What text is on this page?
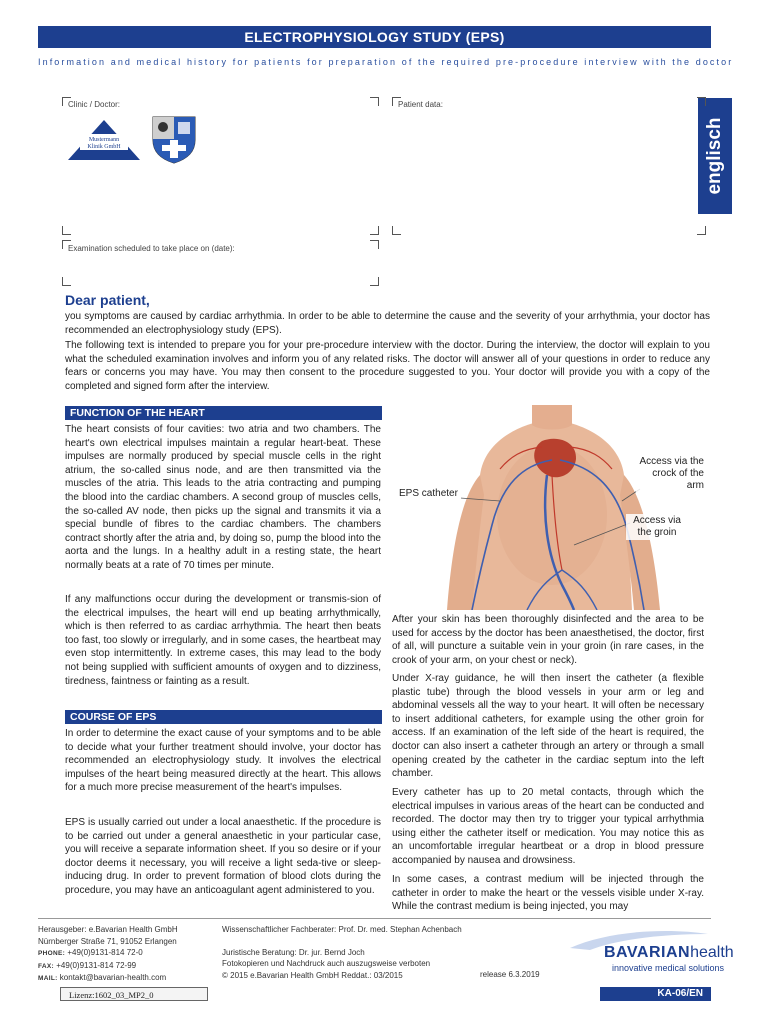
ELECTROPHYSIOLOGY STUDY (EPS)
Information and medical history for patients for preparation of the required pre-procedure interview with the doctor
englisch
Clinic / Doctor:
Mustermann
Klinik GmbH
Patient data:
Examination scheduled to take place on (date):
Dear patient,
you symptoms are caused by cardiac arrhythmia. In order to be able to determine the cause and the severity of your arrhythmia, your doctor has recommended an electrophysiology study (EPS).
The following text is intended to prepare you for your pre-procedure interview with the doctor. During the interview, the doctor will explain to you what the scheduled examination involves and inform you of any related risks. The doctor will answer all of your questions in order to reduce any fears or concerns you may have. You may then consent to the procedure suggested to you. Your doctor will provide you with a copy of the completed and signed form after the interview.
FUNCTION OF THE HEART
The heart consists of four cavities: two atria and two chambers. The heart's own electrical impulses maintain a regular heart-beat. These impulses are normally produced by special muscle cells in the right atrium, the so-called sinus node, and are then transmitted via the muscles of the atria. This leads to the atria contracting and pumping the blood into the cardiac chambers. A second group of muscles cells, the so-called AV node, then picks up the signal and transmits it via a special bundle of fibres to the cardiac chambers. The chambers contract shortly after the atria and, by doing so, pump the blood into the aorta and the lungs. In a healthy adult in a resting state, the heart normally beats at a rate of 70 times per minute.
If any malfunctions occur during the development or transmis-sion of the electrical impulses, the heart will end up beating arrhythmically, which is then referred to as cardiac arrhythmia. The heart then beats too fast, too slowly or irregularly, and in some cases, the heartbeat may even stop intermittently. In extreme cases, this may lead to the body not being supplied with sufficient amounts of oxygen and to dizziness, tiredness, faintness or fainting as a result.
COURSE OF EPS
In order to determine the exact cause of your symptoms and to be able to decide what your further treatment should involve, your doctor has recommended an electrophysiology study. It involves the electrical impulses of the heart being measured directly at the heart. This allows for a much more precise measurement of the heart's impulses.
EPS is usually carried out under a local anaesthetic. If the procedure is to be carried out under a general anaesthetic in your particular case, you will receive a separate information sheet. If you so desire or if your doctor deems it necessary, you will receive a light seda-tive or sleep-inducing drug. In order to prevent formation of blood clots during the procedure, you may have an anticoagulant agent administered to you.
EPS catheter
Access via the crock of the arm
Access via the groin
After your skin has been thoroughly disinfected and the area to be used for access by the doctor has been anaesthetised, the doctor, first of all, will puncture a suitable vein in your groin (in rare cases, in the crook of your arm, on your chest or neck).
Under X-ray guidance, he will then insert the catheter (a flexible plastic tube) through the blood vessels in your arm or leg and abdominal vessels all the way to your heart. It will often be necessary to insert additional catheters, for example using the other groin for access. If an examination of the left side of the heart is required, the doctor can also insert a catheter through an artery or through a small opening created by the catheter in the cardiac septum into the left chamber.
Every catheter has up to 20 metal contacts, through which the electrical impulses in various areas of the heart can be conducted and recorded. The doctor may then try to trigger your typical arrhythmia using either the catheter itself or medication. You may notice this as an uncomfortable irregular heartbeat or a drop in blood pressure accompanied by nausea and drowsiness.
In some cases, a contrast medium will be injected through the catheter in order to make the heart or the vessels visible under X-ray. While the contrast medium is being injected, you may
Herausgeber: e.Bavarian Health GmbH
Nürnberger Straße 71, 91052 Erlangen
PHONE: +49(0)9131-814 72-0
FAX: +49(0)9131-814 72-99
MAIL: kontakt@bavarian-health.com
Wissenschaftlicher Fachberater: Prof. Dr. med. Stephan Achenbach
Juristische Beratung: Dr. jur. Bernd Joch
Fotokopieren und Nachdruck auch auszugsweise verboten
© 2015 e.Bavarian Health GmbH Reddat.: 03/2015	release 6.3.2019
BAVARIANhealth
innovative medical solutions
Lizenz:1602_03_MP2_0	KA-06/EN
